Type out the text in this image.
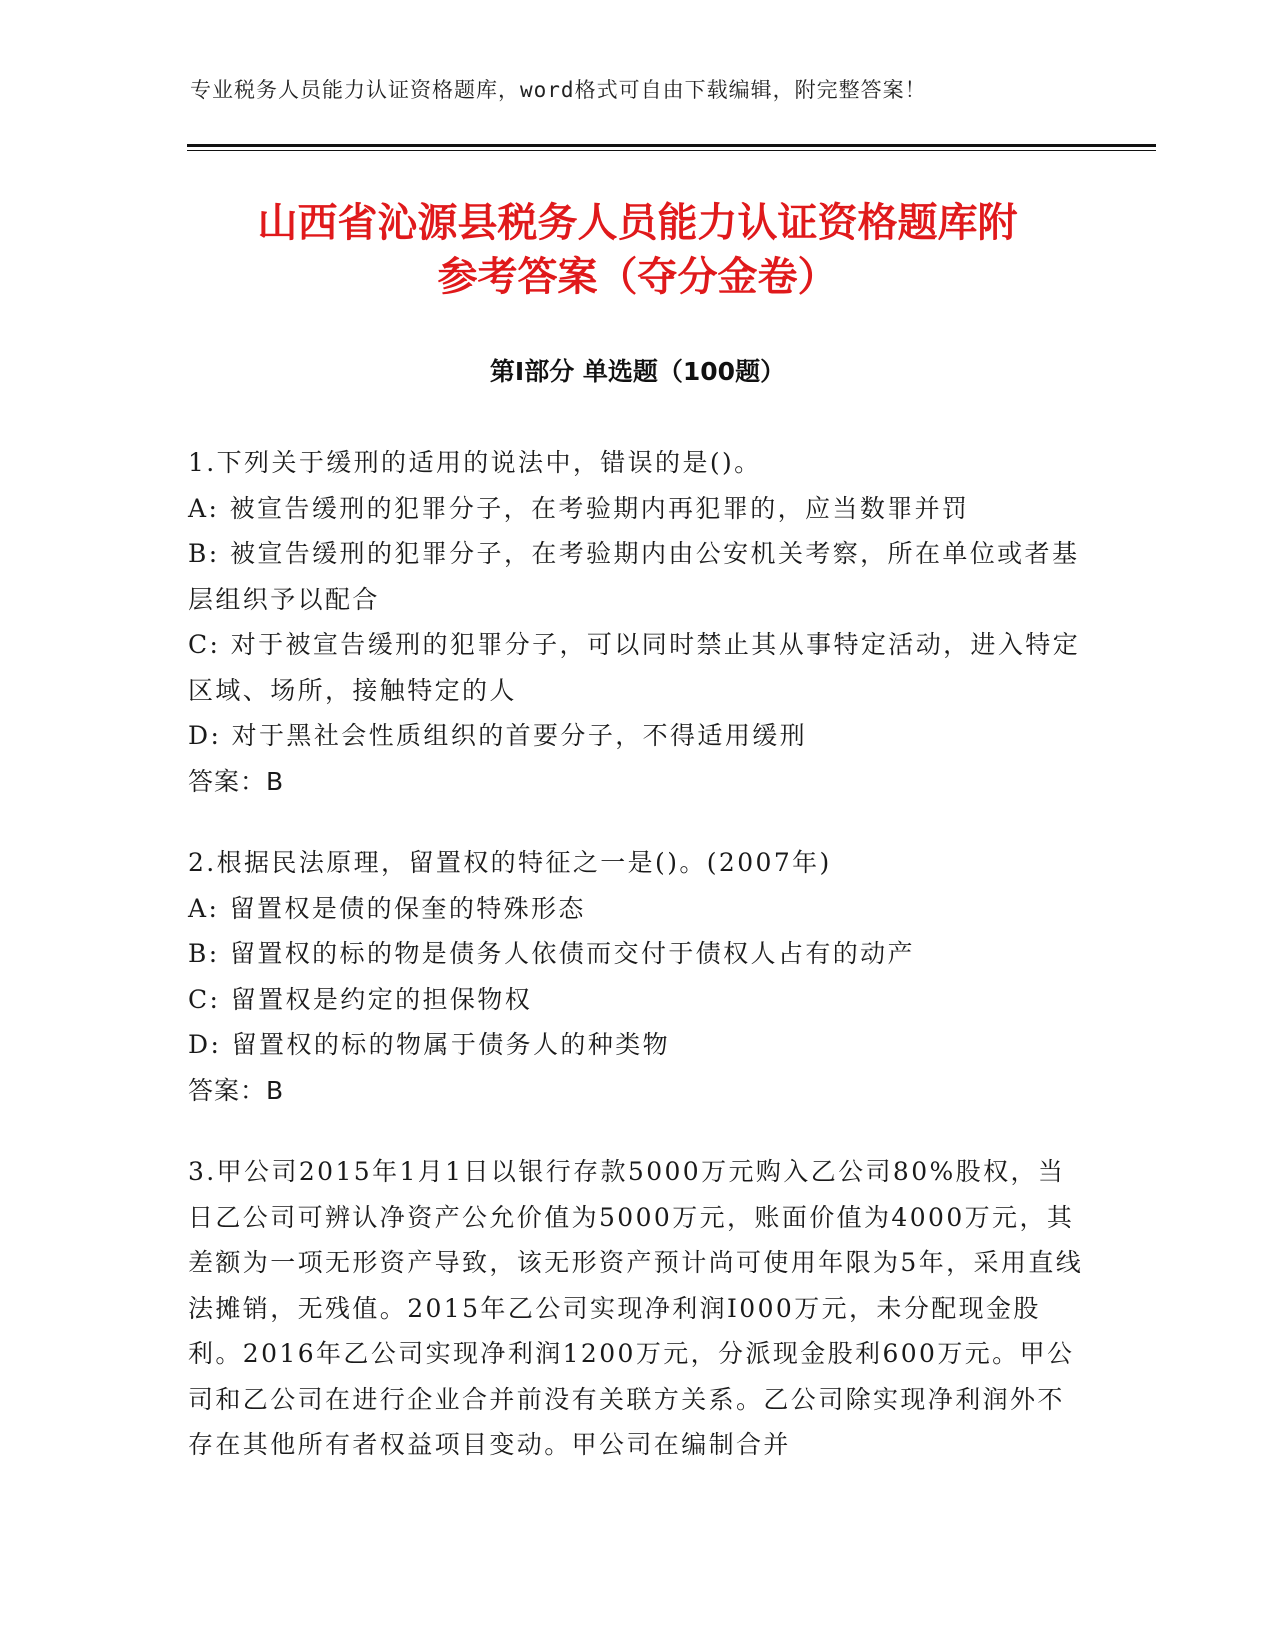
专业税务人员能力认证资格题库，word格式可自由下载编辑，附完整答案！
山西省沁源县税务人员能力认证资格题库附
参考答案（夺分金卷）
第Ⅰ部分 单选题（100题）
1.下列关于缓刑的适用的说法中，错误的是()。
A: 被宣告缓刑的犯罪分子，在考验期内再犯罪的，应当数罪并罚
B: 被宣告缓刑的犯罪分子，在考验期内由公安机关考察，所在单位或者基层组织予以配合
C: 对于被宣告缓刑的犯罪分子，可以同时禁止其从事特定活动，进入特定区域、场所，接触特定的人
D: 对于黑社会性质组织的首要分子，不得适用缓刑
答案：B
2.根据民法原理，留置权的特征之一是()。(2007年)
A: 留置权是债的保奎的特殊形态
B: 留置权的标的物是债务人依债而交付于债权人占有的动产
C: 留置权是约定的担保物权
D: 留置权的标的物属于债务人的种类物
答案：B
3.甲公司2015年1月1日以银行存款5000万元购入乙公司80%股权，当日乙公司可辨认净资产公允价值为5000万元，账面价值为4000万元，其差额为一项无形资产导致，该无形资产预计尚可使用年限为5年，采用直线法摊销，无残值。2015年乙公司实现净利润I000万元，未分配现金股利。2016年乙公司实现净利润1200万元，分派现金股利600万元。甲公司和乙公司在进行企业合并前没有关联方关系。乙公司除实现净利润外不存在其他所有者权益项目变动。甲公司在编制合并
